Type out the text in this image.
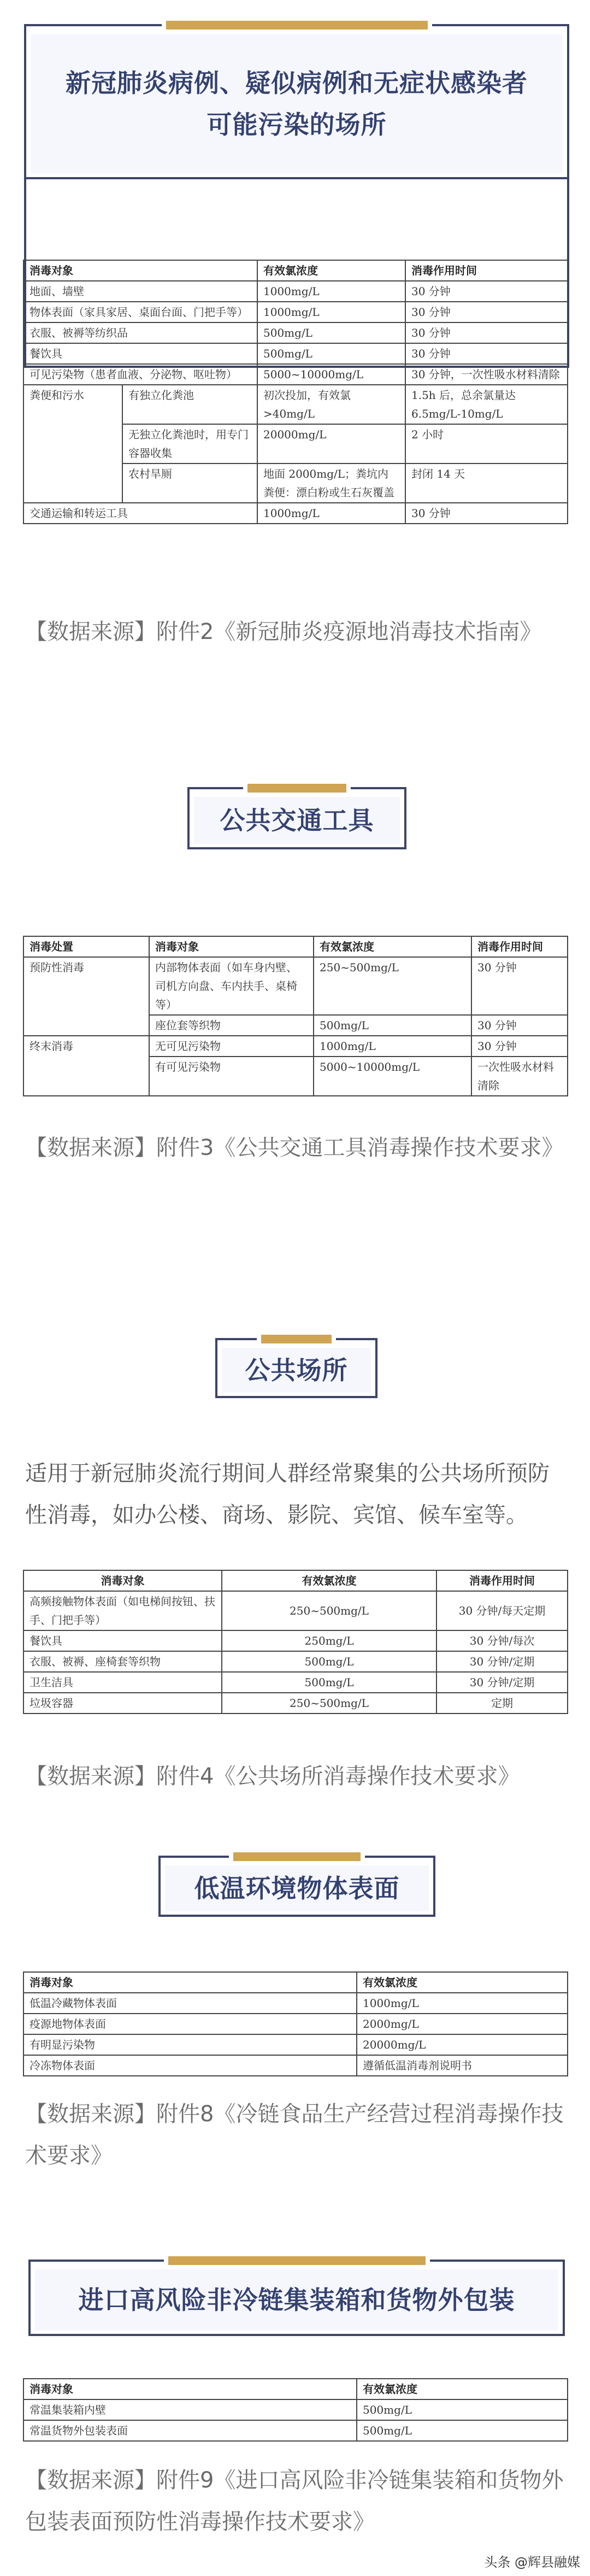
新冠肺炎病例、疑似病例和无症状感染者
可能污染的场所
消毒对象		有效氯浓度	消毒作用时间
地面、墙壁		1000mg/L	30 分钟
物体表面（家具家居、桌面台面、门把手等）		1000mg/L	30 分钟
衣服、被褥等纺织品		500mg/L	30 分钟
餐饮具		500mg/L	30 分钟
可见污染物（患者血液、分泌物、呕吐物）		5000~10000mg/L	30 分钟，一次性吸水材料清除
粪便和污水	有独立化粪池	初次投加，有效氯>40mg/L	1.5h 后，总余氯量达 6.5mg/L-10mg/L
	无独立化粪池时，用专门容器收集	20000mg/L	2 小时
	农村旱厕	地面 2000mg/L；粪坑内粪便：漂白粉或生石灰覆盖	封闭 14 天
交通运输和转运工具		1000mg/L	30 分钟
【数据来源】附件2《新冠肺炎疫源地消毒技术指南》
公共交通工具
消毒处置	消毒对象	有效氯浓度	消毒作用时间
预防性消毒	内部物体表面（如车身内壁、司机方向盘、车内扶手、桌椅等）	250~500mg/L	30 分钟
	座位套等织物	500mg/L	30 分钟
终末消毒	无可见污染物	1000mg/L	30 分钟
	有可见污染物	5000~10000mg/L	一次性吸水材料清除
【数据来源】附件3《公共交通工具消毒操作技术要求》
公共场所
适用于新冠肺炎流行期间人群经常聚集的公共场所预防性消毒，如办公楼、商场、影院、宾馆、候车室等。
消毒对象	有效氯浓度	消毒作用时间
高频接触物体表面（如电梯间按钮、扶手、门把手等）	250~500mg/L	30 分钟/每天定期
餐饮具	250mg/L	30 分钟/每次
衣服、被褥、座椅套等织物	500mg/L	30 分钟/定期
卫生洁具	500mg/L	30 分钟/定期
垃圾容器	250~500mg/L	定期
【数据来源】附件4《公共场所消毒操作技术要求》
低温环境物体表面
消毒对象	有效氯浓度
低温冷藏物体表面	1000mg/L
疫源地物体表面	2000mg/L
有明显污染物	20000mg/L
冷冻物体表面	遵循低温消毒剂说明书
【数据来源】附件8《冷链食品生产经营过程消毒操作技术要求》
进口高风险非冷链集装箱和货物外包装
消毒对象	有效氯浓度
常温集装箱内壁	500mg/L
常温货物外包装表面	500mg/L
【数据来源】附件9《进口高风险非冷链集装箱和货物外包装表面预防性消毒操作技术要求》
头条 @辉县融媒
